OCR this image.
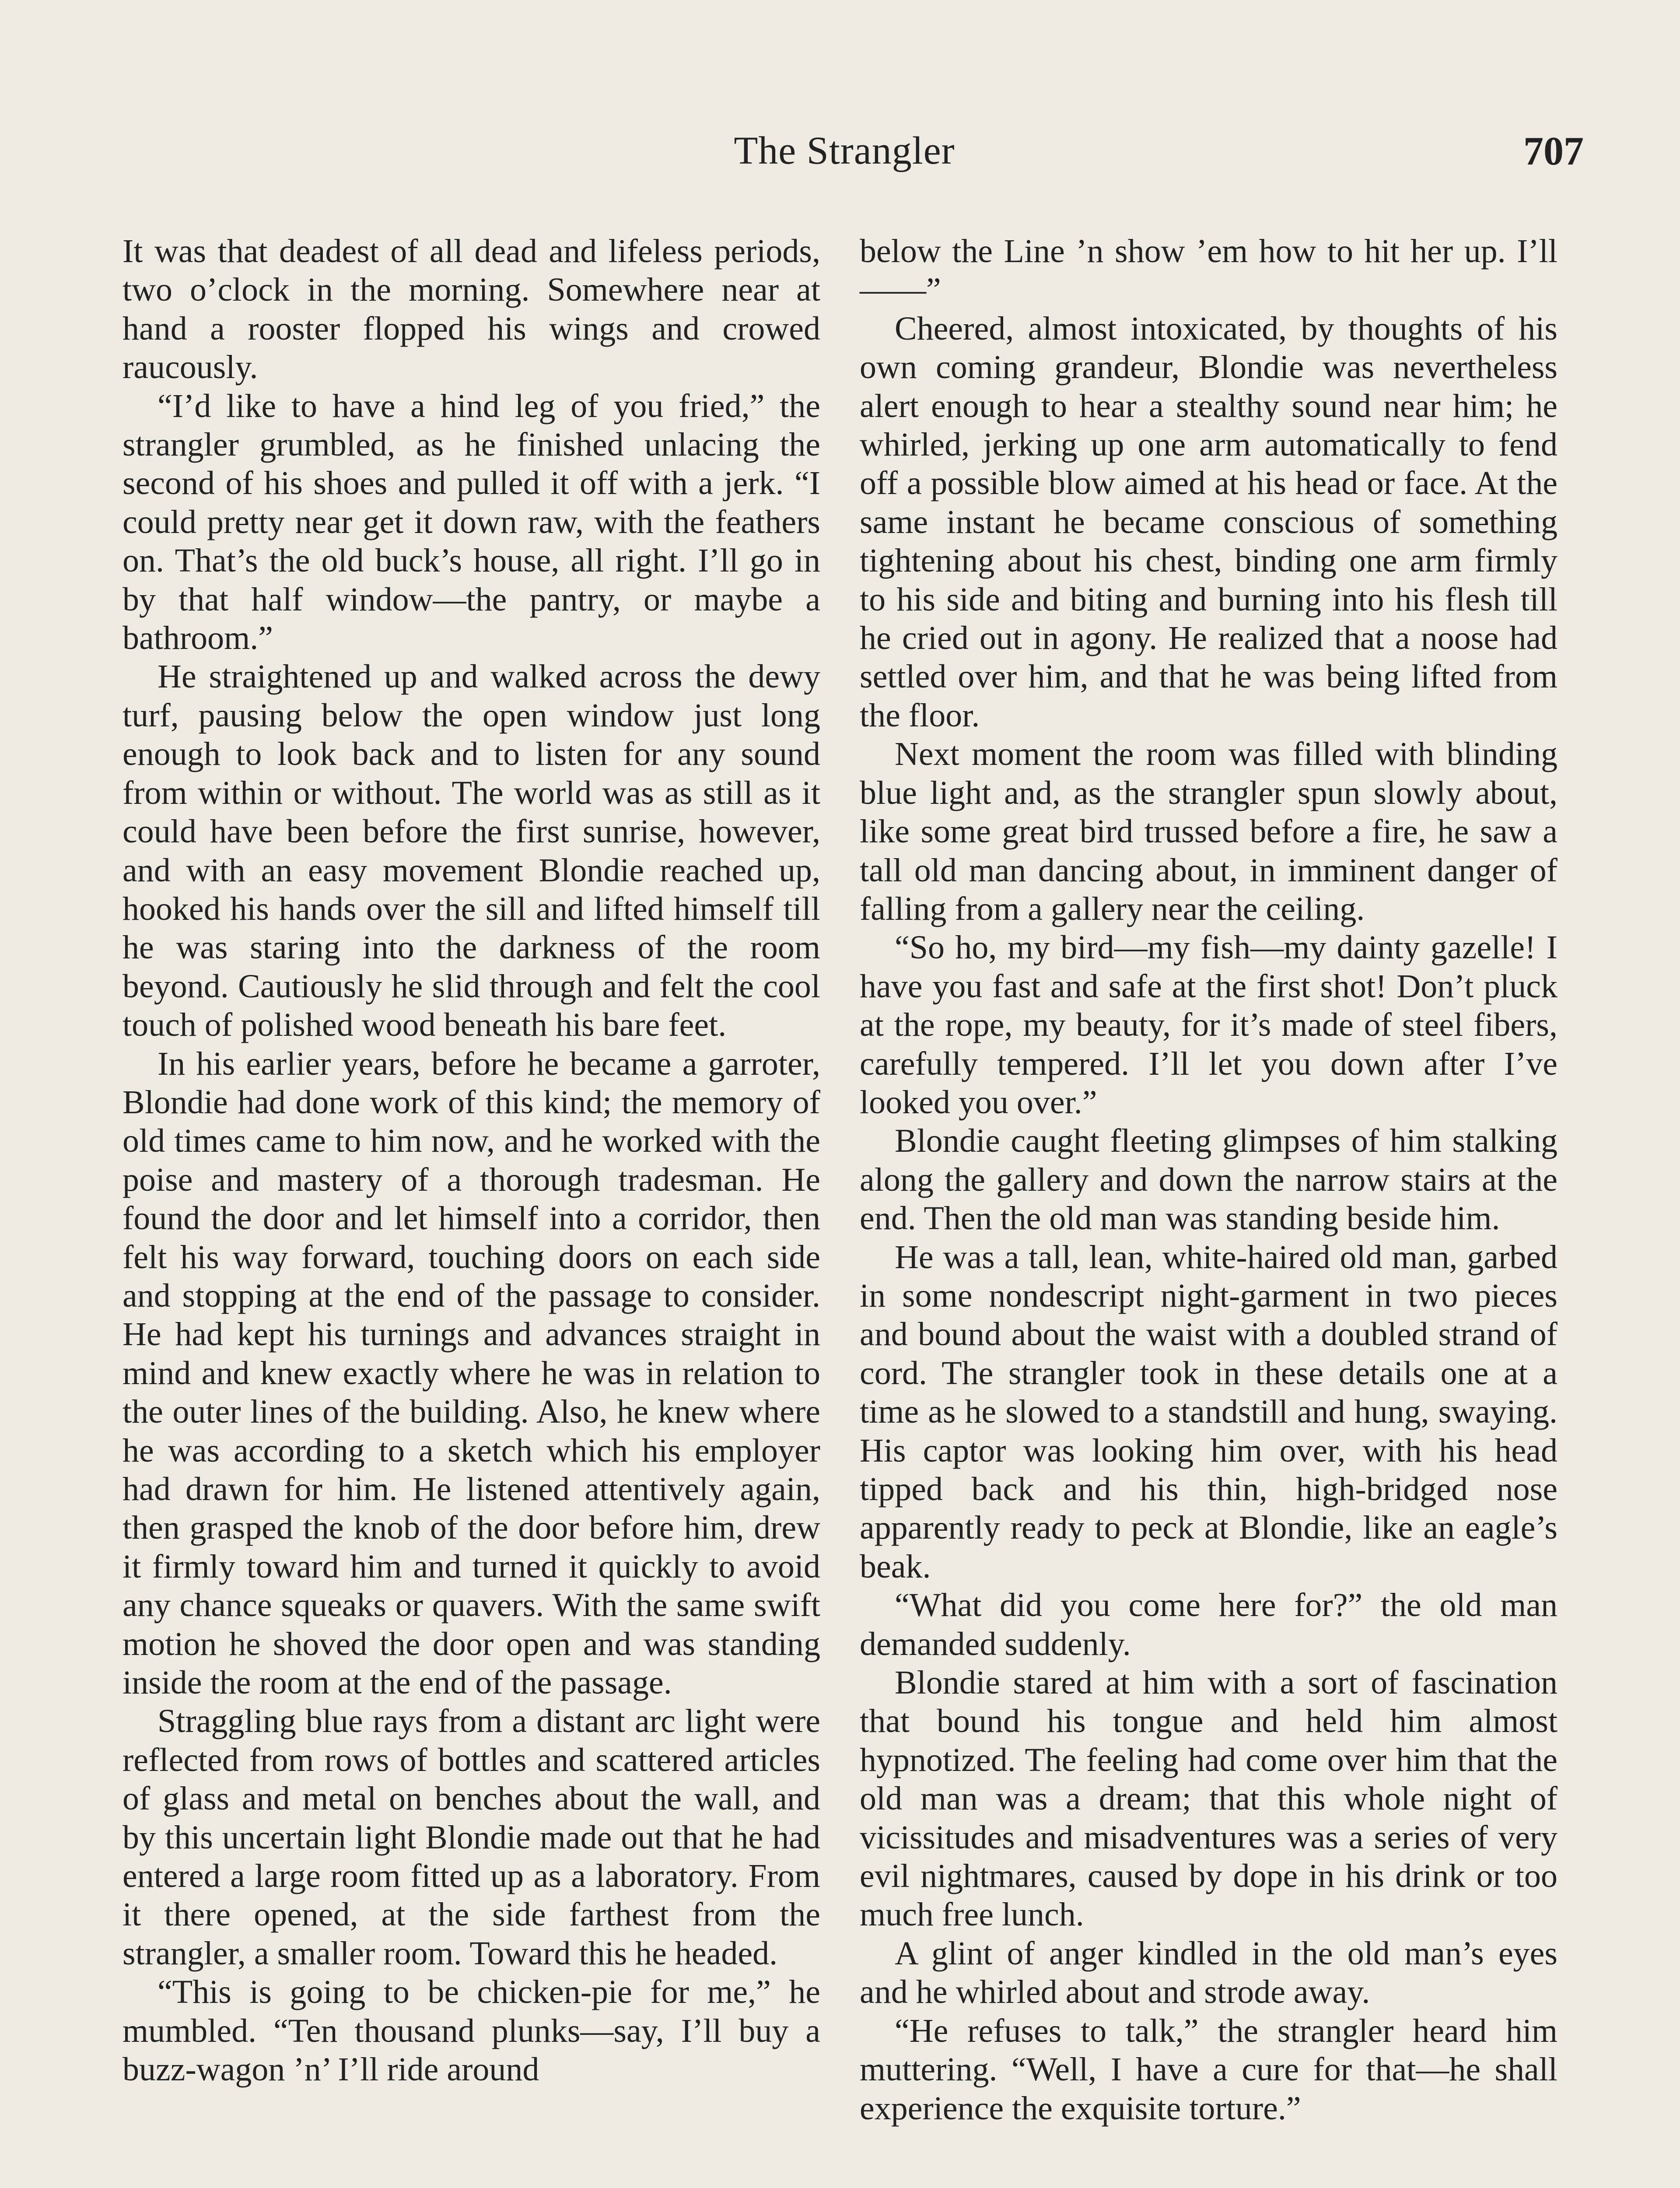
The Strangler	707

It was that deadest of all dead and lifeless periods, two o’clock in the morning. Somewhere near at hand a rooster flopped his wings and crowed raucously.

“I’d like to have a hind leg of you fried,” the strangler grumbled, as he finished unlacing the second of his shoes and pulled it off with a jerk. “I could pretty near get it down raw, with the feathers on. That’s the old buck’s house, all right. I’ll go in by that half window—the pantry, or maybe a bathroom.”

He straightened up and walked across the dewy turf, pausing below the open window just long enough to look back and to listen for any sound from within or without. The world was as still as it could have been before the first sunrise, however, and with an easy movement Blondie reached up, hooked his hands over the sill and lifted himself till he was staring into the darkness of the room beyond. Cautiously he slid through and felt the cool touch of polished wood beneath his bare feet.

In his earlier years, before he became a garroter, Blondie had done work of this kind; the memory of old times came to him now, and he worked with the poise and mastery of a thorough tradesman. He found the door and let himself into a corridor, then felt his way forward, touching doors on each side and stopping at the end of the passage to consider. He had kept his turnings and advances straight in mind and knew exactly where he was in relation to the outer lines of the building. Also, he knew where he was according to a sketch which his employer had drawn for him. He listened attentively again, then grasped the knob of the door before him, drew it firmly toward him and turned it quickly to avoid any chance squeaks or quavers. With the same swift motion he shoved the door open and was standing inside the room at the end of the passage.

Straggling blue rays from a distant arc light were reflected from rows of bottles and scattered articles of glass and metal on benches about the wall, and by this uncertain light Blondie made out that he had entered a large room fitted up as a laboratory. From it there opened, at the side farthest from the strangler, a smaller room. Toward this he headed.

“This is going to be chicken-pie for me,” he mumbled. “Ten thousand plunks—say, I’ll buy a buzz-wagon ’n’ I’ll ride around

below the Line ’n show ’em how to hit her up. I’ll——”

Cheered, almost intoxicated, by thoughts of his own coming grandeur, Blondie was nevertheless alert enough to hear a stealthy sound near him; he whirled, jerking up one arm automatically to fend off a possible blow aimed at his head or face. At the same instant he became conscious of something tightening about his chest, binding one arm firmly to his side and biting and burning into his flesh till he cried out in agony. He realized that a noose had settled over him, and that he was being lifted from the floor.

Next moment the room was filled with blinding blue light and, as the strangler spun slowly about, like some great bird trussed before a fire, he saw a tall old man dancing about, in imminent danger of falling from a gallery near the ceiling.

“So ho, my bird—my fish—my dainty gazelle! I have you fast and safe at the first shot! Don’t pluck at the rope, my beauty, for it’s made of steel fibers, carefully tempered. I’ll let you down after I’ve looked you over.”

Blondie caught fleeting glimpses of him stalking along the gallery and down the narrow stairs at the end. Then the old man was standing beside him.

He was a tall, lean, white-haired old man, garbed in some nondescript night-garment in two pieces and bound about the waist with a doubled strand of cord. The strangler took in these details one at a time as he slowed to a standstill and hung, swaying. His captor was looking him over, with his head tipped back and his thin, high-bridged nose apparently ready to peck at Blondie, like an eagle’s beak.

“What did you come here for?” the old man demanded suddenly.

Blondie stared at him with a sort of fascination that bound his tongue and held him almost hypnotized. The feeling had come over him that the old man was a dream; that this whole night of vicissitudes and misadventures was a series of very evil nightmares, caused by dope in his drink or too much free lunch.

A glint of anger kindled in the old man’s eyes and he whirled about and strode away.

“He refuses to talk,” the strangler heard him muttering. “Well, I have a cure for that—he shall experience the exquisite torture.”
